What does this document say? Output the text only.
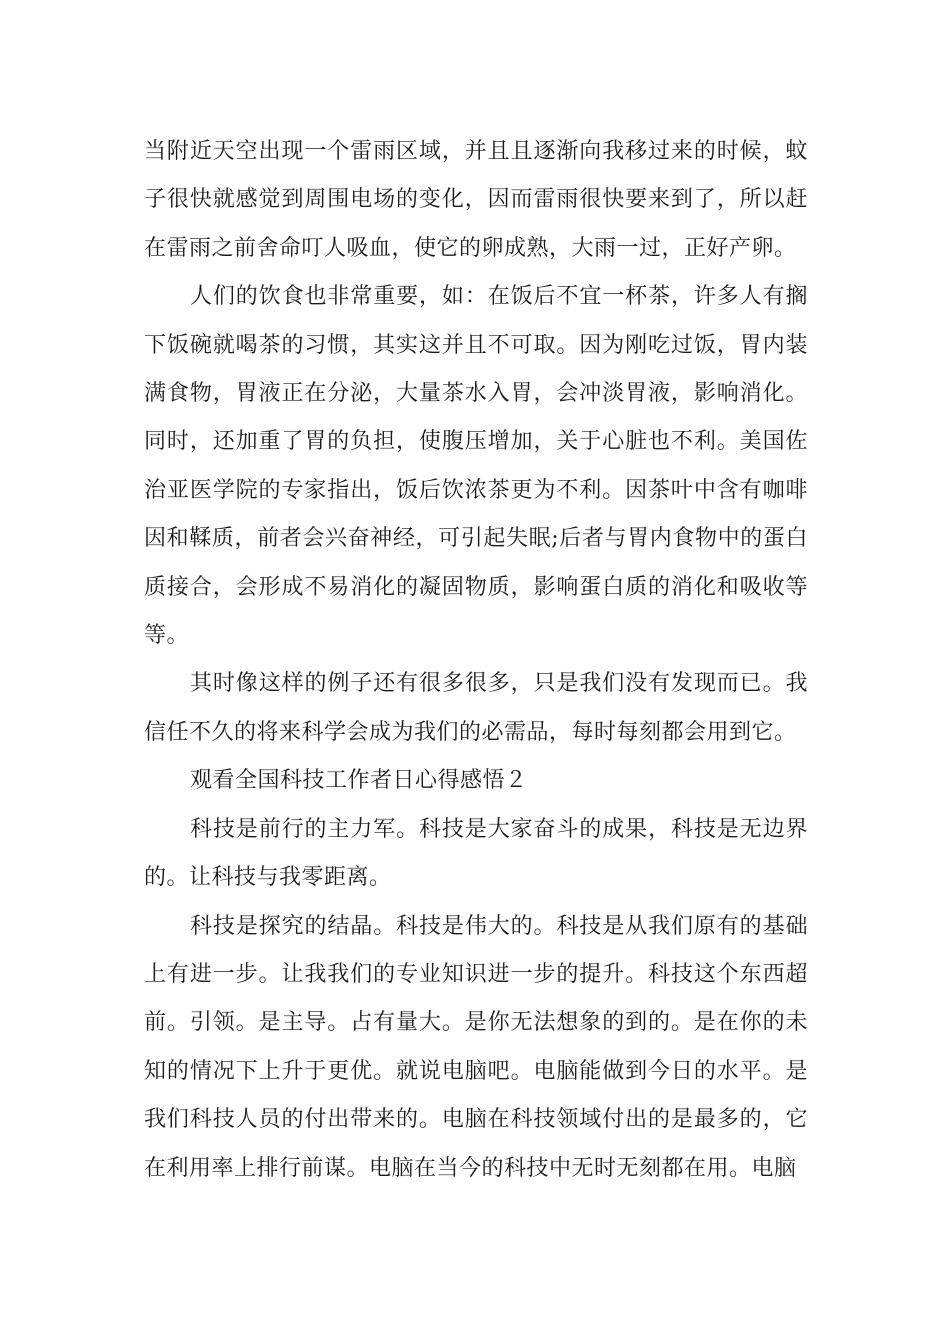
当附近天空出现一个雷雨区域，并且且逐渐向我移过来的时候，蚊子很快就感觉到周围电场的变化，因而雷雨很快要来到了，所以赶在雷雨之前舍命叮人吸血，使它的卵成熟，大雨一过，正好产卵。

人们的饮食也非常重要，如：在饭后不宜一杯茶，许多人有搁下饭碗就喝茶的习惯，其实这并且不可取。因为刚吃过饭，胃内装满食物，胃液正在分泌，大量茶水入胃，会冲淡胃液，影响消化。同时，还加重了胃的负担，使腹压增加，关于心脏也不利。美国佐治亚医学院的专家指出，饭后饮浓茶更为不利。因茶叶中含有咖啡因和鞣质，前者会兴奋神经，可引起失眠;后者与胃内食物中的蛋白质接合，会形成不易消化的凝固物质，影响蛋白质的消化和吸收等等。

其时像这样的例子还有很多很多，只是我们没有发现而已。我信任不久的将来科学会成为我们的必需品，每时每刻都会用到它。

观看全国科技工作者日心得感悟２

科技是前行的主力军。科技是大家奋斗的成果，科技是无边界的。让科技与我零距离。

科技是探究的结晶。科技是伟大的。科技是从我们原有的基础上有进一步。让我我们的专业知识进一步的提升。科技这个东西超前。引领。是主导。占有量大。是你无法想象的到的。是在你的未知的情况下上升于更优。就说电脑吧。电脑能做到今日的水平。是我们科技人员的付出带来的。电脑在科技领域付出的是最多的，它在利用率上排行前谋。电脑在当今的科技中无时无刻都在用。电脑
